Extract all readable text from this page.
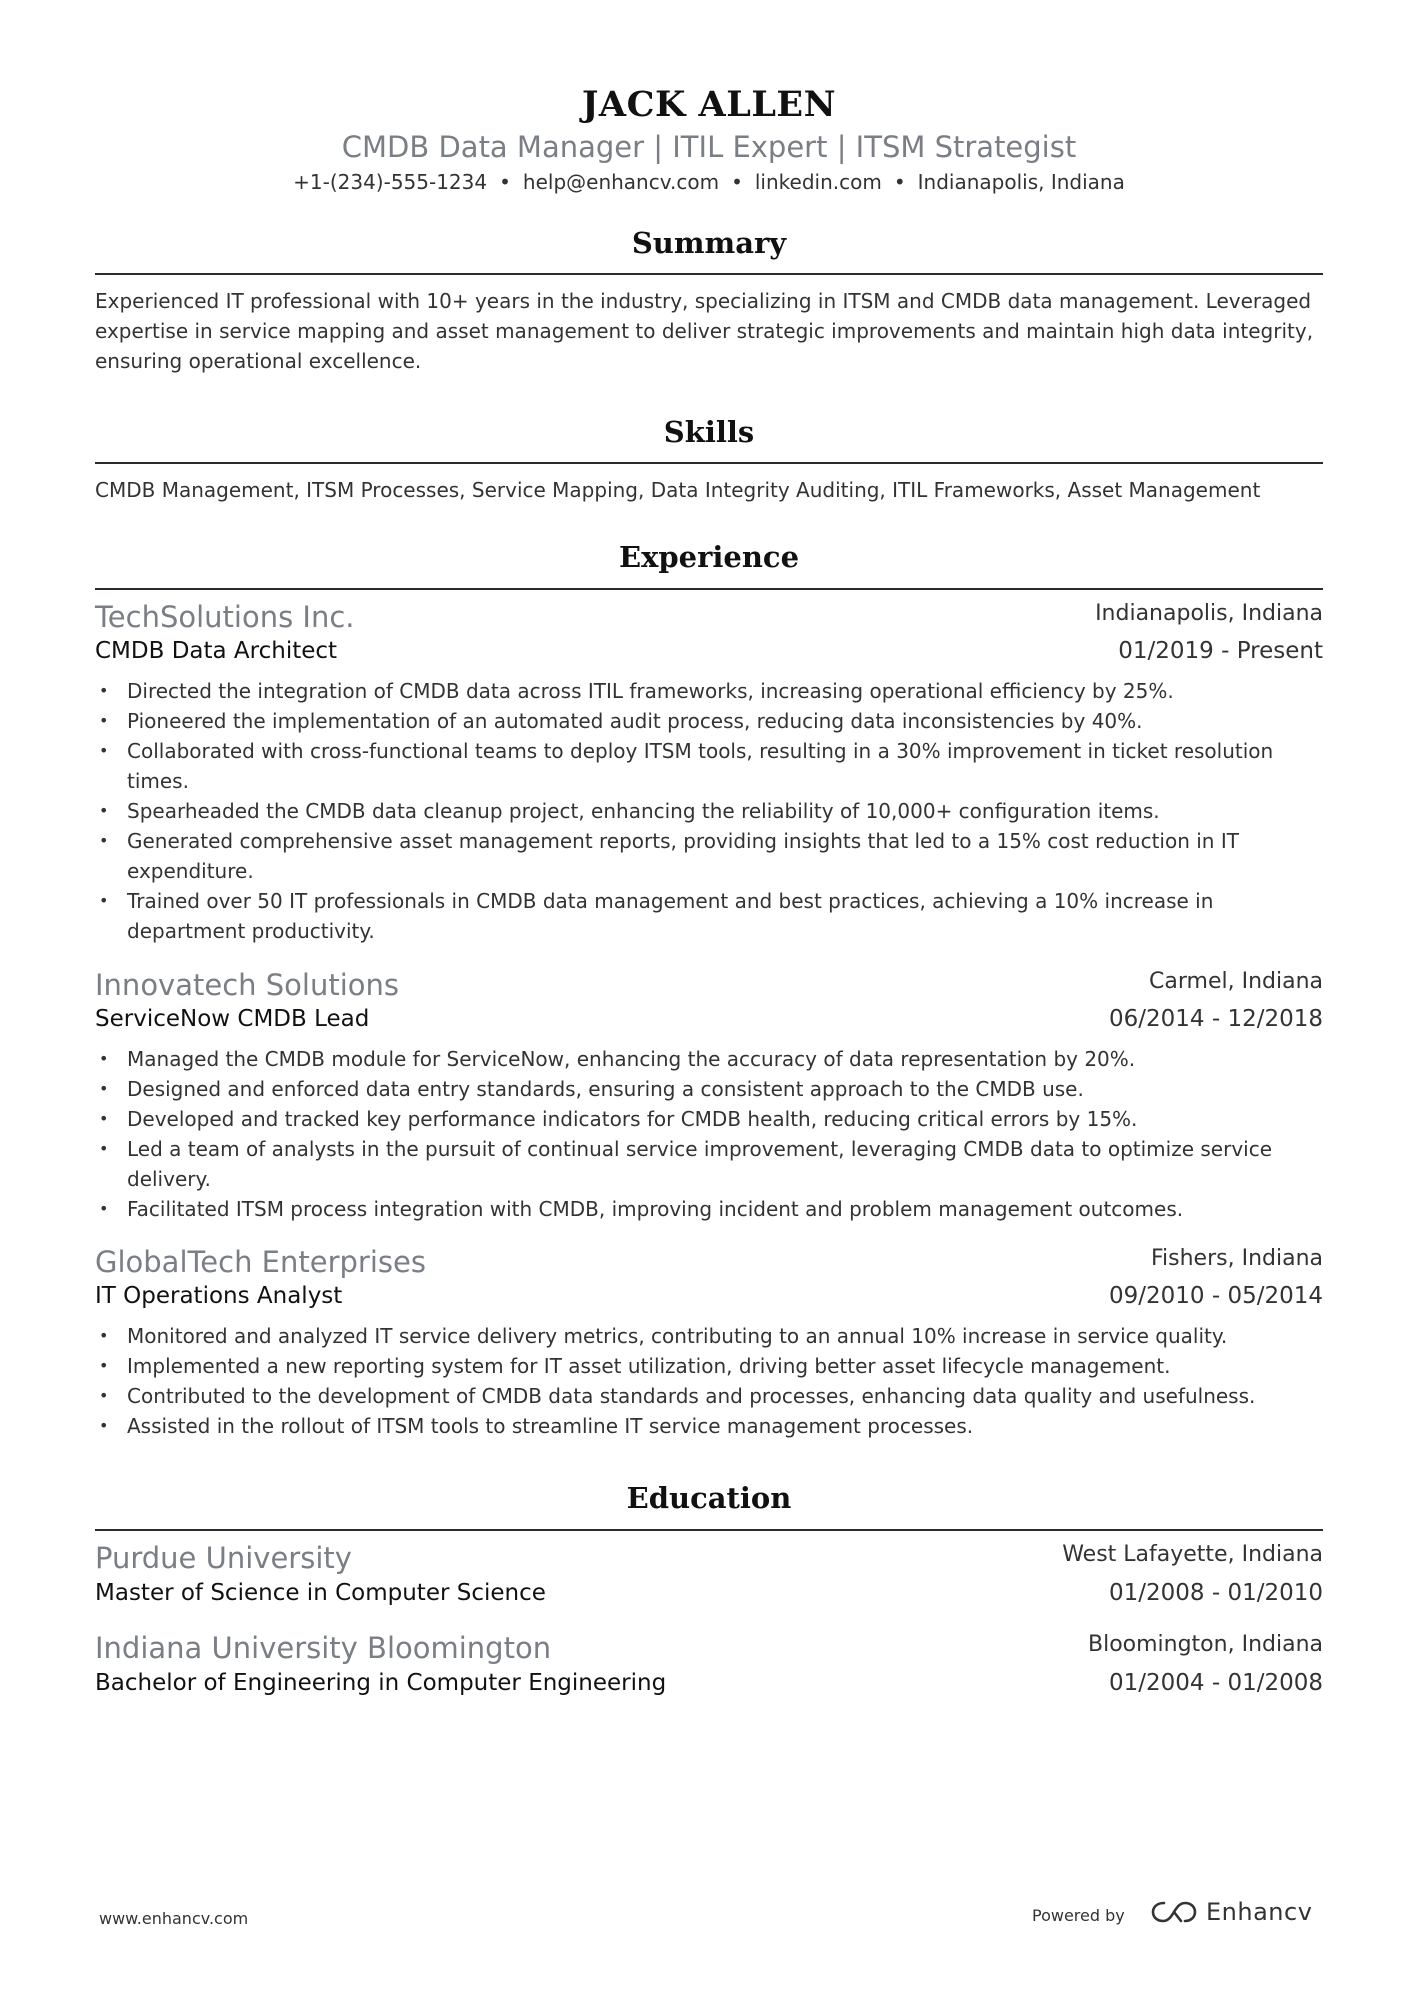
JACK ALLEN
CMDB Data Manager | ITIL Expert | ITSM Strategist
+1-(234)-555-1234 • help@enhancv.com • linkedin.com • Indianapolis, Indiana
Summary
Experienced IT professional with 10+ years in the industry, specializing in ITSM and CMDB data management. Leveraged expertise in service mapping and asset management to deliver strategic improvements and maintain high data integrity, ensuring operational excellence.
Skills
CMDB Management, ITSM Processes, Service Mapping, Data Integrity Auditing, ITIL Frameworks, Asset Management
Experience
TechSolutions Inc.	Indianapolis, Indiana
CMDB Data Architect	01/2019 - Present
• Directed the integration of CMDB data across ITIL frameworks, increasing operational efficiency by 25%.
• Pioneered the implementation of an automated audit process, reducing data inconsistencies by 40%.
• Collaborated with cross-functional teams to deploy ITSM tools, resulting in a 30% improvement in ticket resolution times.
• Spearheaded the CMDB data cleanup project, enhancing the reliability of 10,000+ configuration items.
• Generated comprehensive asset management reports, providing insights that led to a 15% cost reduction in IT expenditure.
• Trained over 50 IT professionals in CMDB data management and best practices, achieving a 10% increase in department productivity.
Innovatech Solutions	Carmel, Indiana
ServiceNow CMDB Lead	06/2014 - 12/2018
• Managed the CMDB module for ServiceNow, enhancing the accuracy of data representation by 20%.
• Designed and enforced data entry standards, ensuring a consistent approach to the CMDB use.
• Developed and tracked key performance indicators for CMDB health, reducing critical errors by 15%.
• Led a team of analysts in the pursuit of continual service improvement, leveraging CMDB data to optimize service delivery.
• Facilitated ITSM process integration with CMDB, improving incident and problem management outcomes.
GlobalTech Enterprises	Fishers, Indiana
IT Operations Analyst	09/2010 - 05/2014
• Monitored and analyzed IT service delivery metrics, contributing to an annual 10% increase in service quality.
• Implemented a new reporting system for IT asset utilization, driving better asset lifecycle management.
• Contributed to the development of CMDB data standards and processes, enhancing data quality and usefulness.
• Assisted in the rollout of ITSM tools to streamline IT service management processes.
Education
Purdue University	West Lafayette, Indiana
Master of Science in Computer Science	01/2008 - 01/2010
Indiana University Bloomington	Bloomington, Indiana
Bachelor of Engineering in Computer Engineering	01/2004 - 01/2008
www.enhancv.com	Powered by	Enhancv
